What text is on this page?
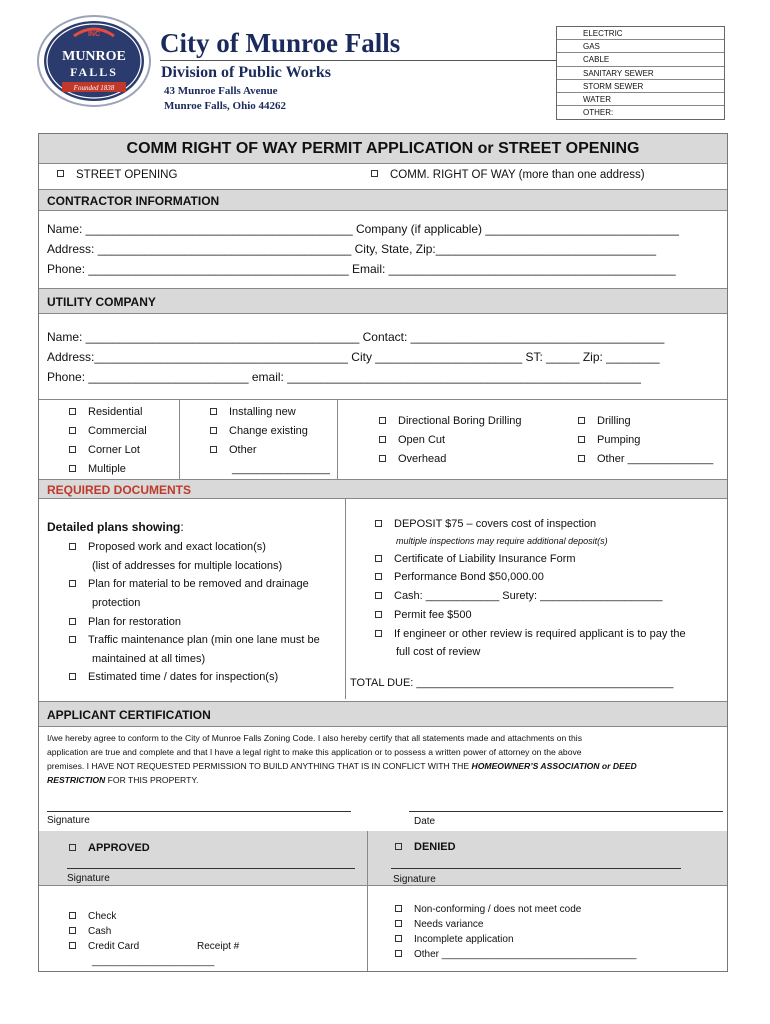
INC
MUNROE
FALLS
Founded 1838
City of Munroe Falls
Division of Public Works
43 Munroe Falls Avenue
Munroe Falls, Ohio 44262
ELECTRIC
GAS
CABLE
SANITARY SEWER
STORM SEWER
WATER
OTHER:
COMM RIGHT OF WAY PERMIT APPLICATION or STREET OPENING
STREET OPENING	COMM. RIGHT OF WAY (more than one address)
CONTRACTOR INFORMATION
Name: ________________________________________ Company (if applicable) _____________________________
Address: ______________________________________ City, State, Zip:_________________________________
Phone: _______________________________________ Email: ___________________________________________
UTILITY COMPANY
Name: _________________________________________ Contact: ______________________________________
Address:______________________________________ City ______________________ ST: _____ Zip: ________
Phone: ________________________ email: _____________________________________________________
Residential
Commercial
Corner Lot
Multiple
Installing new
Change existing
Other
________________
Directional Boring Drilling
Open Cut
Overhead
Drilling
Pumping
Other ______________
REQUIRED DOCUMENTS
Detailed plans showing:
Proposed work and exact location(s)
(list of addresses for multiple locations)
Plan for material to be removed and drainage
protection
Plan for restoration
Traffic maintenance plan (min one lane must be
maintained at all times)
Estimated time / dates for inspection(s)
DEPOSIT $75 – covers cost of inspection
multiple inspections may require additional deposit(s)
Certificate of Liability Insurance Form
Performance Bond $50,000.00
Cash: ____________ Surety: ____________________
Permit fee $500
If engineer or other review is required applicant is to pay the
full cost of review
TOTAL DUE: __________________________________________
APPLICANT CERTIFICATION
I/we hereby agree to conform to the City of Munroe Falls Zoning Code. I also hereby certify that all statements made and attachments on this
application are true and complete and that I have a legal right to make this application or to possess a written power of attorney on the above
premises. I HAVE NOT REQUESTED PERMISSION TO BUILD ANYTHING THAT IS IN CONFLICT WITH THE HOMEOWNER’S ASSOCIATION or DEED
RESTRICTION FOR THIS PROPERTY.
Signature	Date
APPROVED	DENIED
Signature	Signature
Check
Cash
Credit Card	Receipt #
______________________
Non-conforming / does not meet code
Needs variance
Incomplete application
Other ___________________________________
